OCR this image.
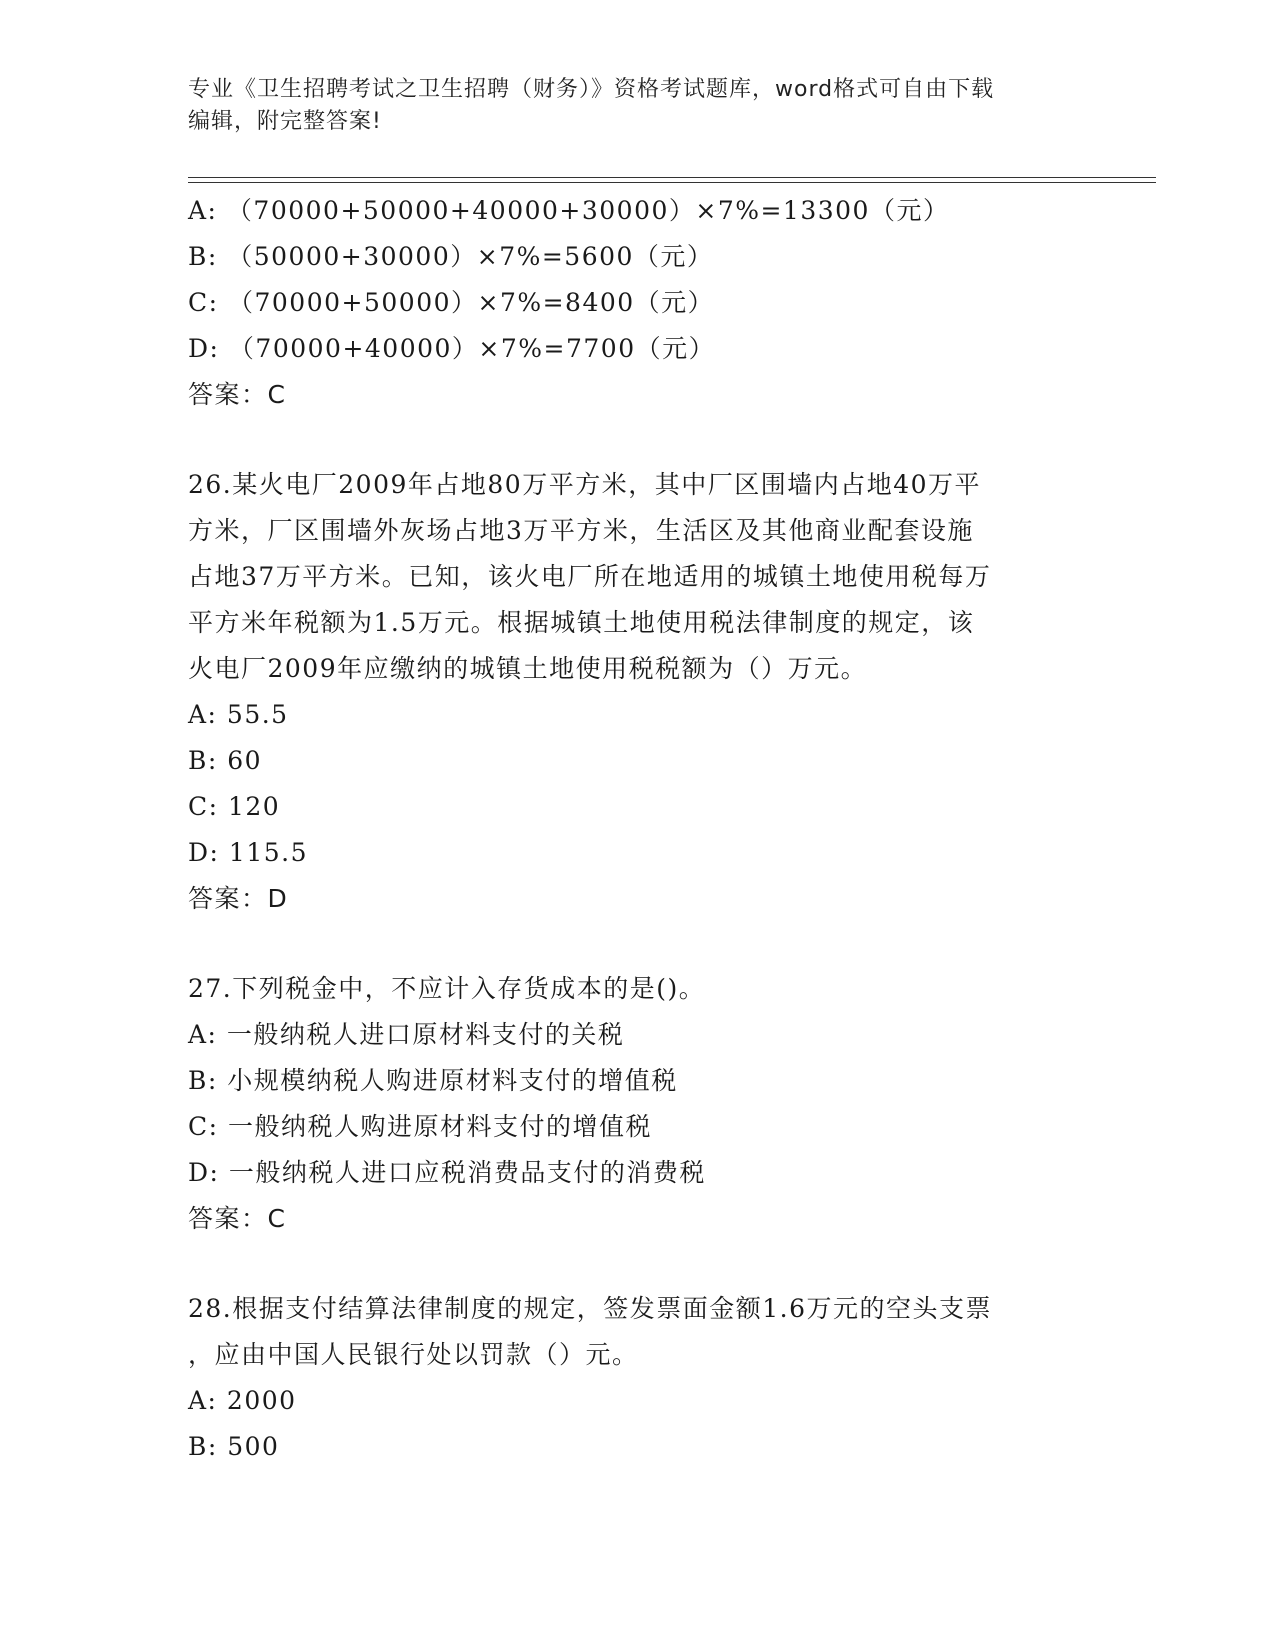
专业《卫生招聘考试之卫生招聘（财务）》资格考试题库，word格式可自由下载
编辑，附完整答案!
A: （70000+50000+40000+30000）×7%=13300（元）
B: （50000+30000）×7%=5600（元）
C: （70000+50000）×7%=8400（元）
D: （70000+40000）×7%=7700（元）
答案：C
26.某火电厂2009年占地80万平方米，其中厂区围墙内占地40万平
方米，厂区围墙外灰场占地3万平方米，生活区及其他商业配套设施
占地37万平方米。已知，该火电厂所在地适用的城镇土地使用税每万
平方米年税额为1.5万元。根据城镇土地使用税法律制度的规定，该
火电厂2009年应缴纳的城镇土地使用税税额为（）万元。
A: 55.5
B: 60
C: 120
D: 115.5
答案：D
27.下列税金中，不应计入存货成本的是()。
A: 一般纳税人进口原材料支付的关税
B: 小规模纳税人购进原材料支付的增值税
C: 一般纳税人购进原材料支付的增值税
D: 一般纳税人进口应税消费品支付的消费税
答案：C
28.根据支付结算法律制度的规定，签发票面金额1.6万元的空头支票
，应由中国人民银行处以罚款（）元。
A: 2000
B: 500
